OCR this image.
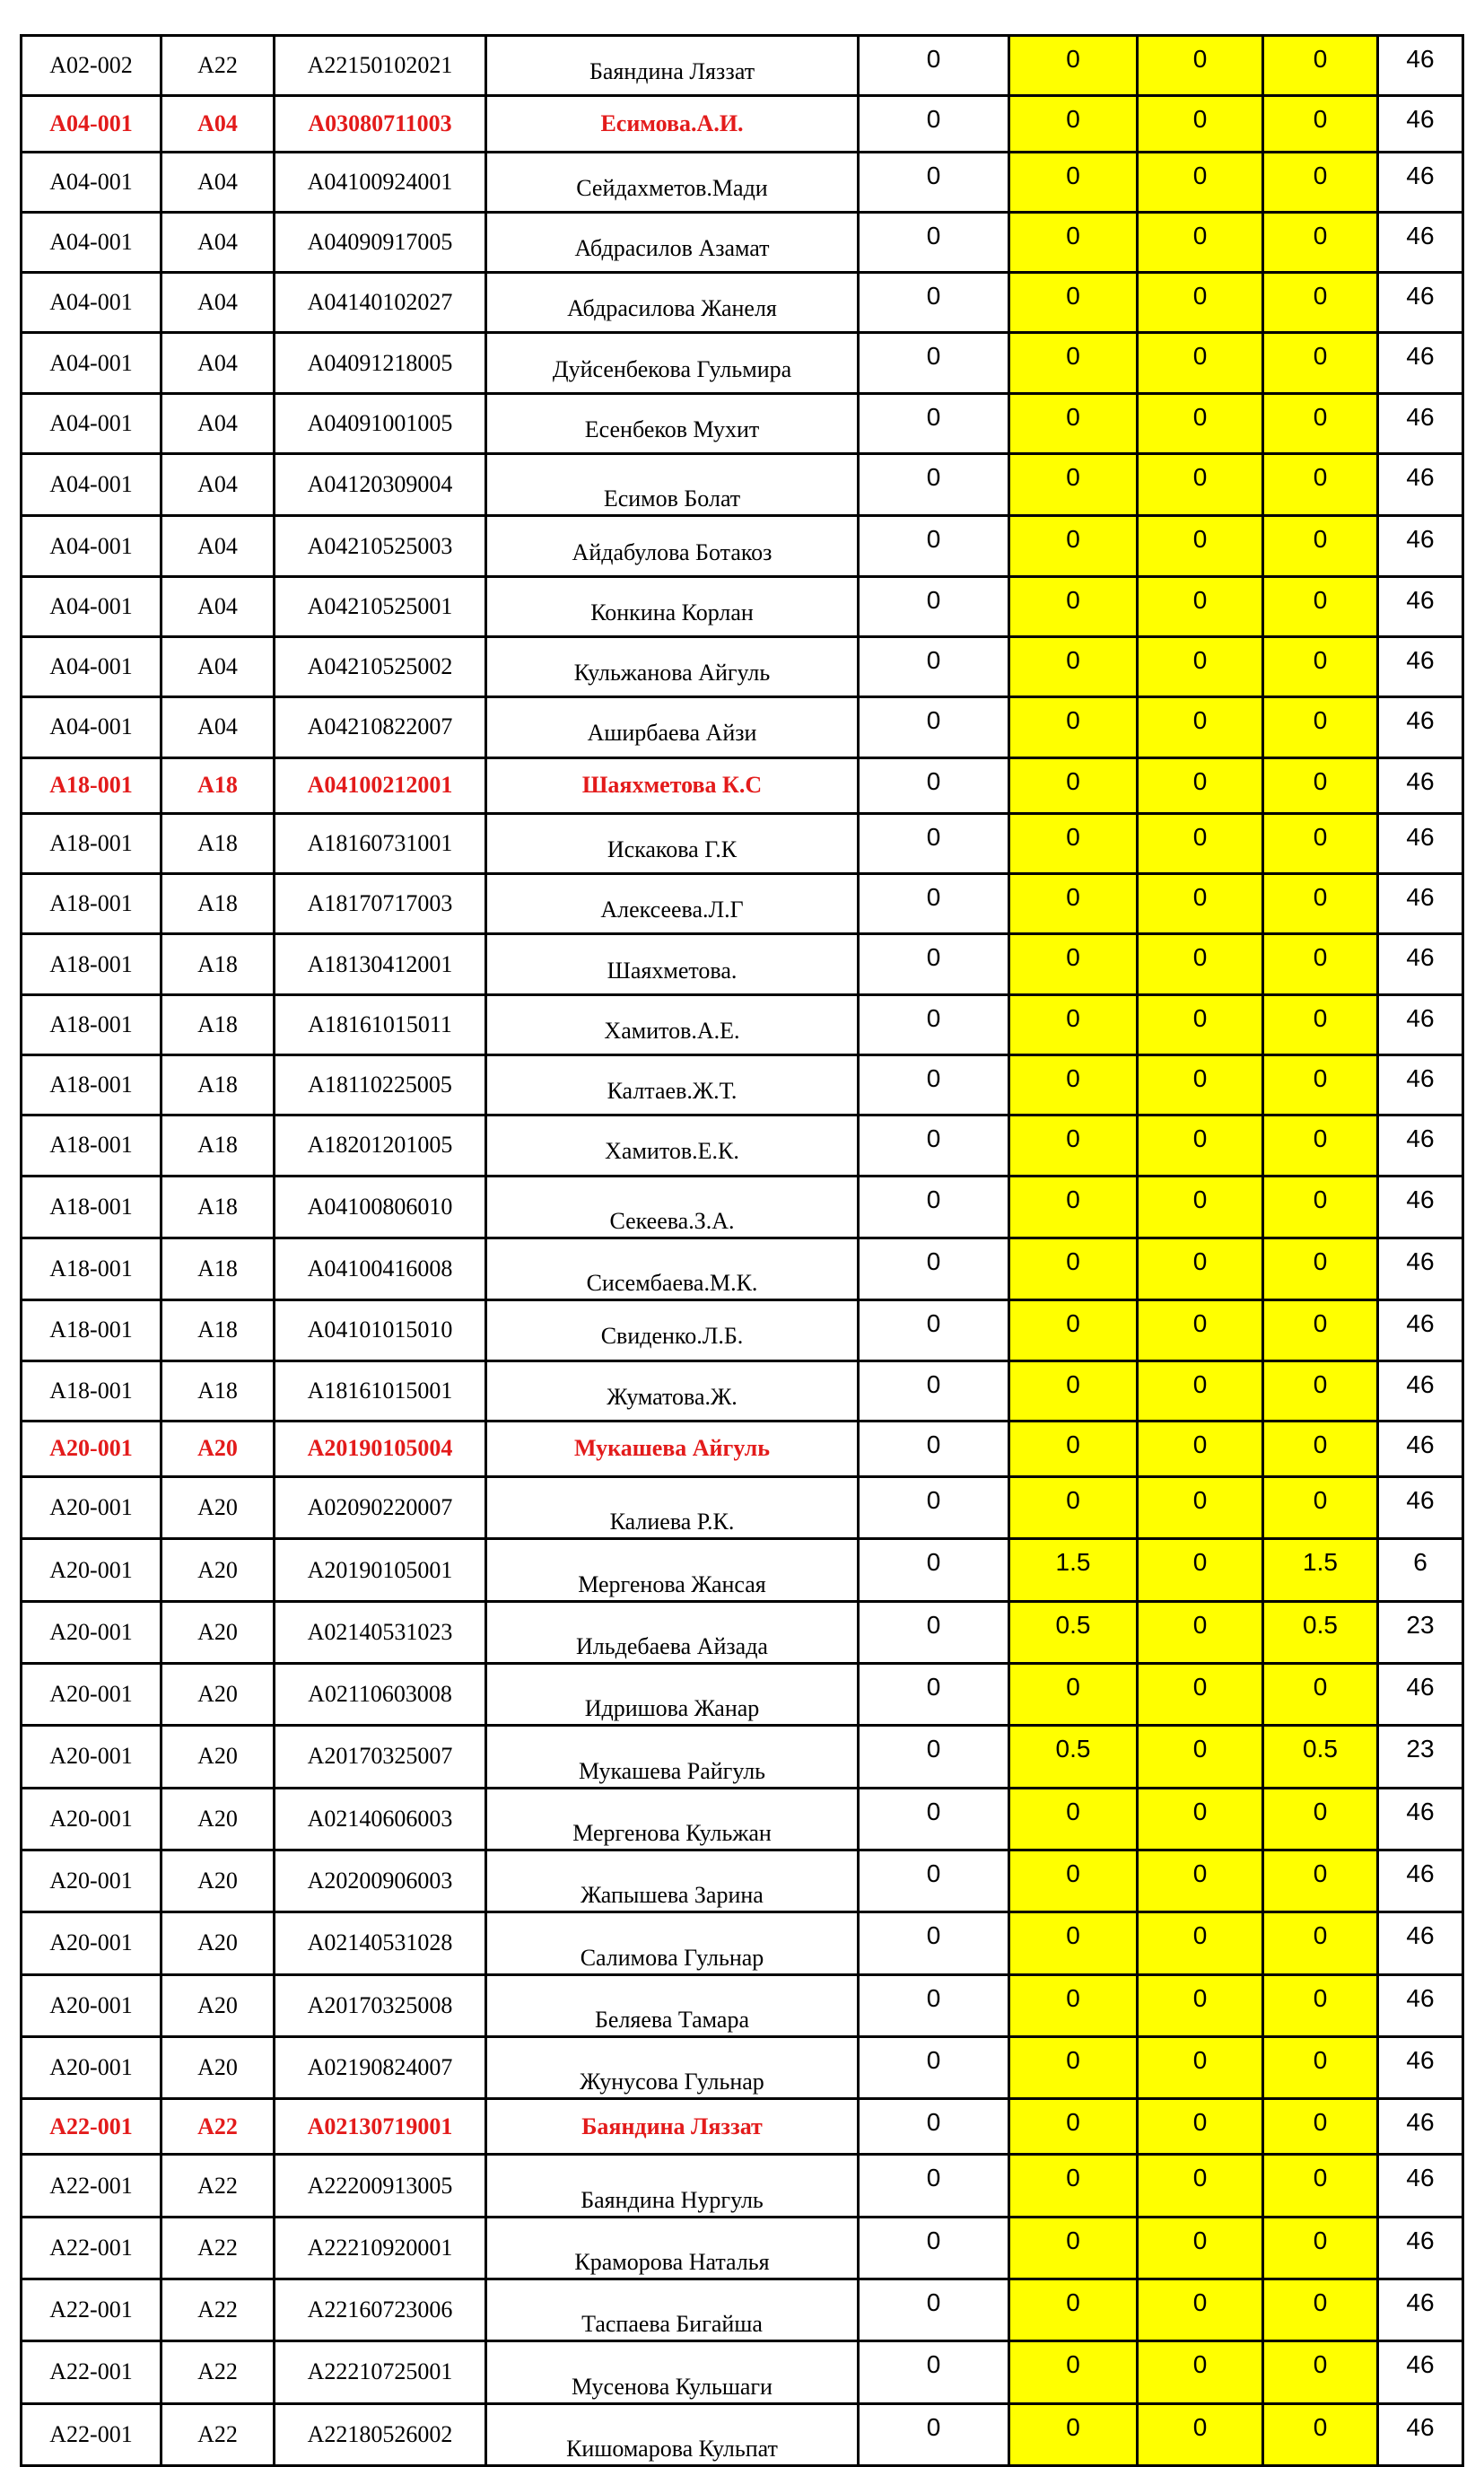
A02-002	A22	A22150102021	Баяндина Ляззат	0	0	0	0	46
A04-001	A04	A03080711003	Есимова.А.И.	0	0	0	0	46
A04-001	A04	A04100924001	Сейдахметов.Мади	0	0	0	0	46
A04-001	A04	A04090917005	Абдрасилов Азамат	0	0	0	0	46
A04-001	A04	A04140102027	Абдрасилова Жанеля	0	0	0	0	46
A04-001	A04	A04091218005	Дуйсенбекова Гульмира	0	0	0	0	46
A04-001	A04	A04091001005	Есенбеков Мухит	0	0	0	0	46
A04-001	A04	A04120309004	Есимов Болат	0	0	0	0	46
A04-001	A04	A04210525003	Айдабулова Ботакоз	0	0	0	0	46
A04-001	A04	A04210525001	Конкина Корлан	0	0	0	0	46
A04-001	A04	A04210525002	Кульжанова Айгуль	0	0	0	0	46
A04-001	A04	A04210822007	Аширбаева Айзи	0	0	0	0	46
A18-001	A18	A04100212001	Шаяхметова К.С	0	0	0	0	46
A18-001	A18	A18160731001	Искакова Г.К	0	0	0	0	46
A18-001	A18	A18170717003	Алексеева.Л.Г	0	0	0	0	46
A18-001	A18	A18130412001	Шаяхметова.	0	0	0	0	46
A18-001	A18	A18161015011	Хамитов.А.Е.	0	0	0	0	46
A18-001	A18	A18110225005	Калтаев.Ж.Т.	0	0	0	0	46
A18-001	A18	A18201201005	Хамитов.Е.К.	0	0	0	0	46
A18-001	A18	A04100806010	Секеева.З.А.	0	0	0	0	46
A18-001	A18	A04100416008	Сисембаева.М.К.	0	0	0	0	46
A18-001	A18	A04101015010	Свиденко.Л.Б.	0	0	0	0	46
A18-001	A18	A18161015001	Жуматова.Ж.	0	0	0	0	46
A20-001	A20	A20190105004	Мукашева Айгуль	0	0	0	0	46
A20-001	A20	A02090220007	Калиева Р.К.	0	0	0	0	46
A20-001	A20	A20190105001	Мергенова Жансая	0	1.5	0	1.5	6
A20-001	A20	A02140531023	Ильдебаева Айзада	0	0.5	0	0.5	23
A20-001	A20	A02110603008	Идришова Жанар	0	0	0	0	46
A20-001	A20	A20170325007	Мукашева Райгуль	0	0.5	0	0.5	23
A20-001	A20	A02140606003	Мергенова Кульжан	0	0	0	0	46
A20-001	A20	A20200906003	Жапышева Зарина	0	0	0	0	46
A20-001	A20	A02140531028	Салимова Гульнар	0	0	0	0	46
A20-001	A20	A20170325008	Беляева Тамара	0	0	0	0	46
A20-001	A20	A02190824007	Жунусова Гульнар	0	0	0	0	46
A22-001	A22	A02130719001	Баяндина Ляззат	0	0	0	0	46
A22-001	A22	A22200913005	Баяндина Нургуль	0	0	0	0	46
A22-001	A22	A22210920001	Краморова Наталья	0	0	0	0	46
A22-001	A22	A22160723006	Таспаева Бигайша	0	0	0	0	46
A22-001	A22	A22210725001	Мусенова Кульшаги	0	0	0	0	46
A22-001	A22	A22180526002	Кишомарова Кульпат	0	0	0	0	46
